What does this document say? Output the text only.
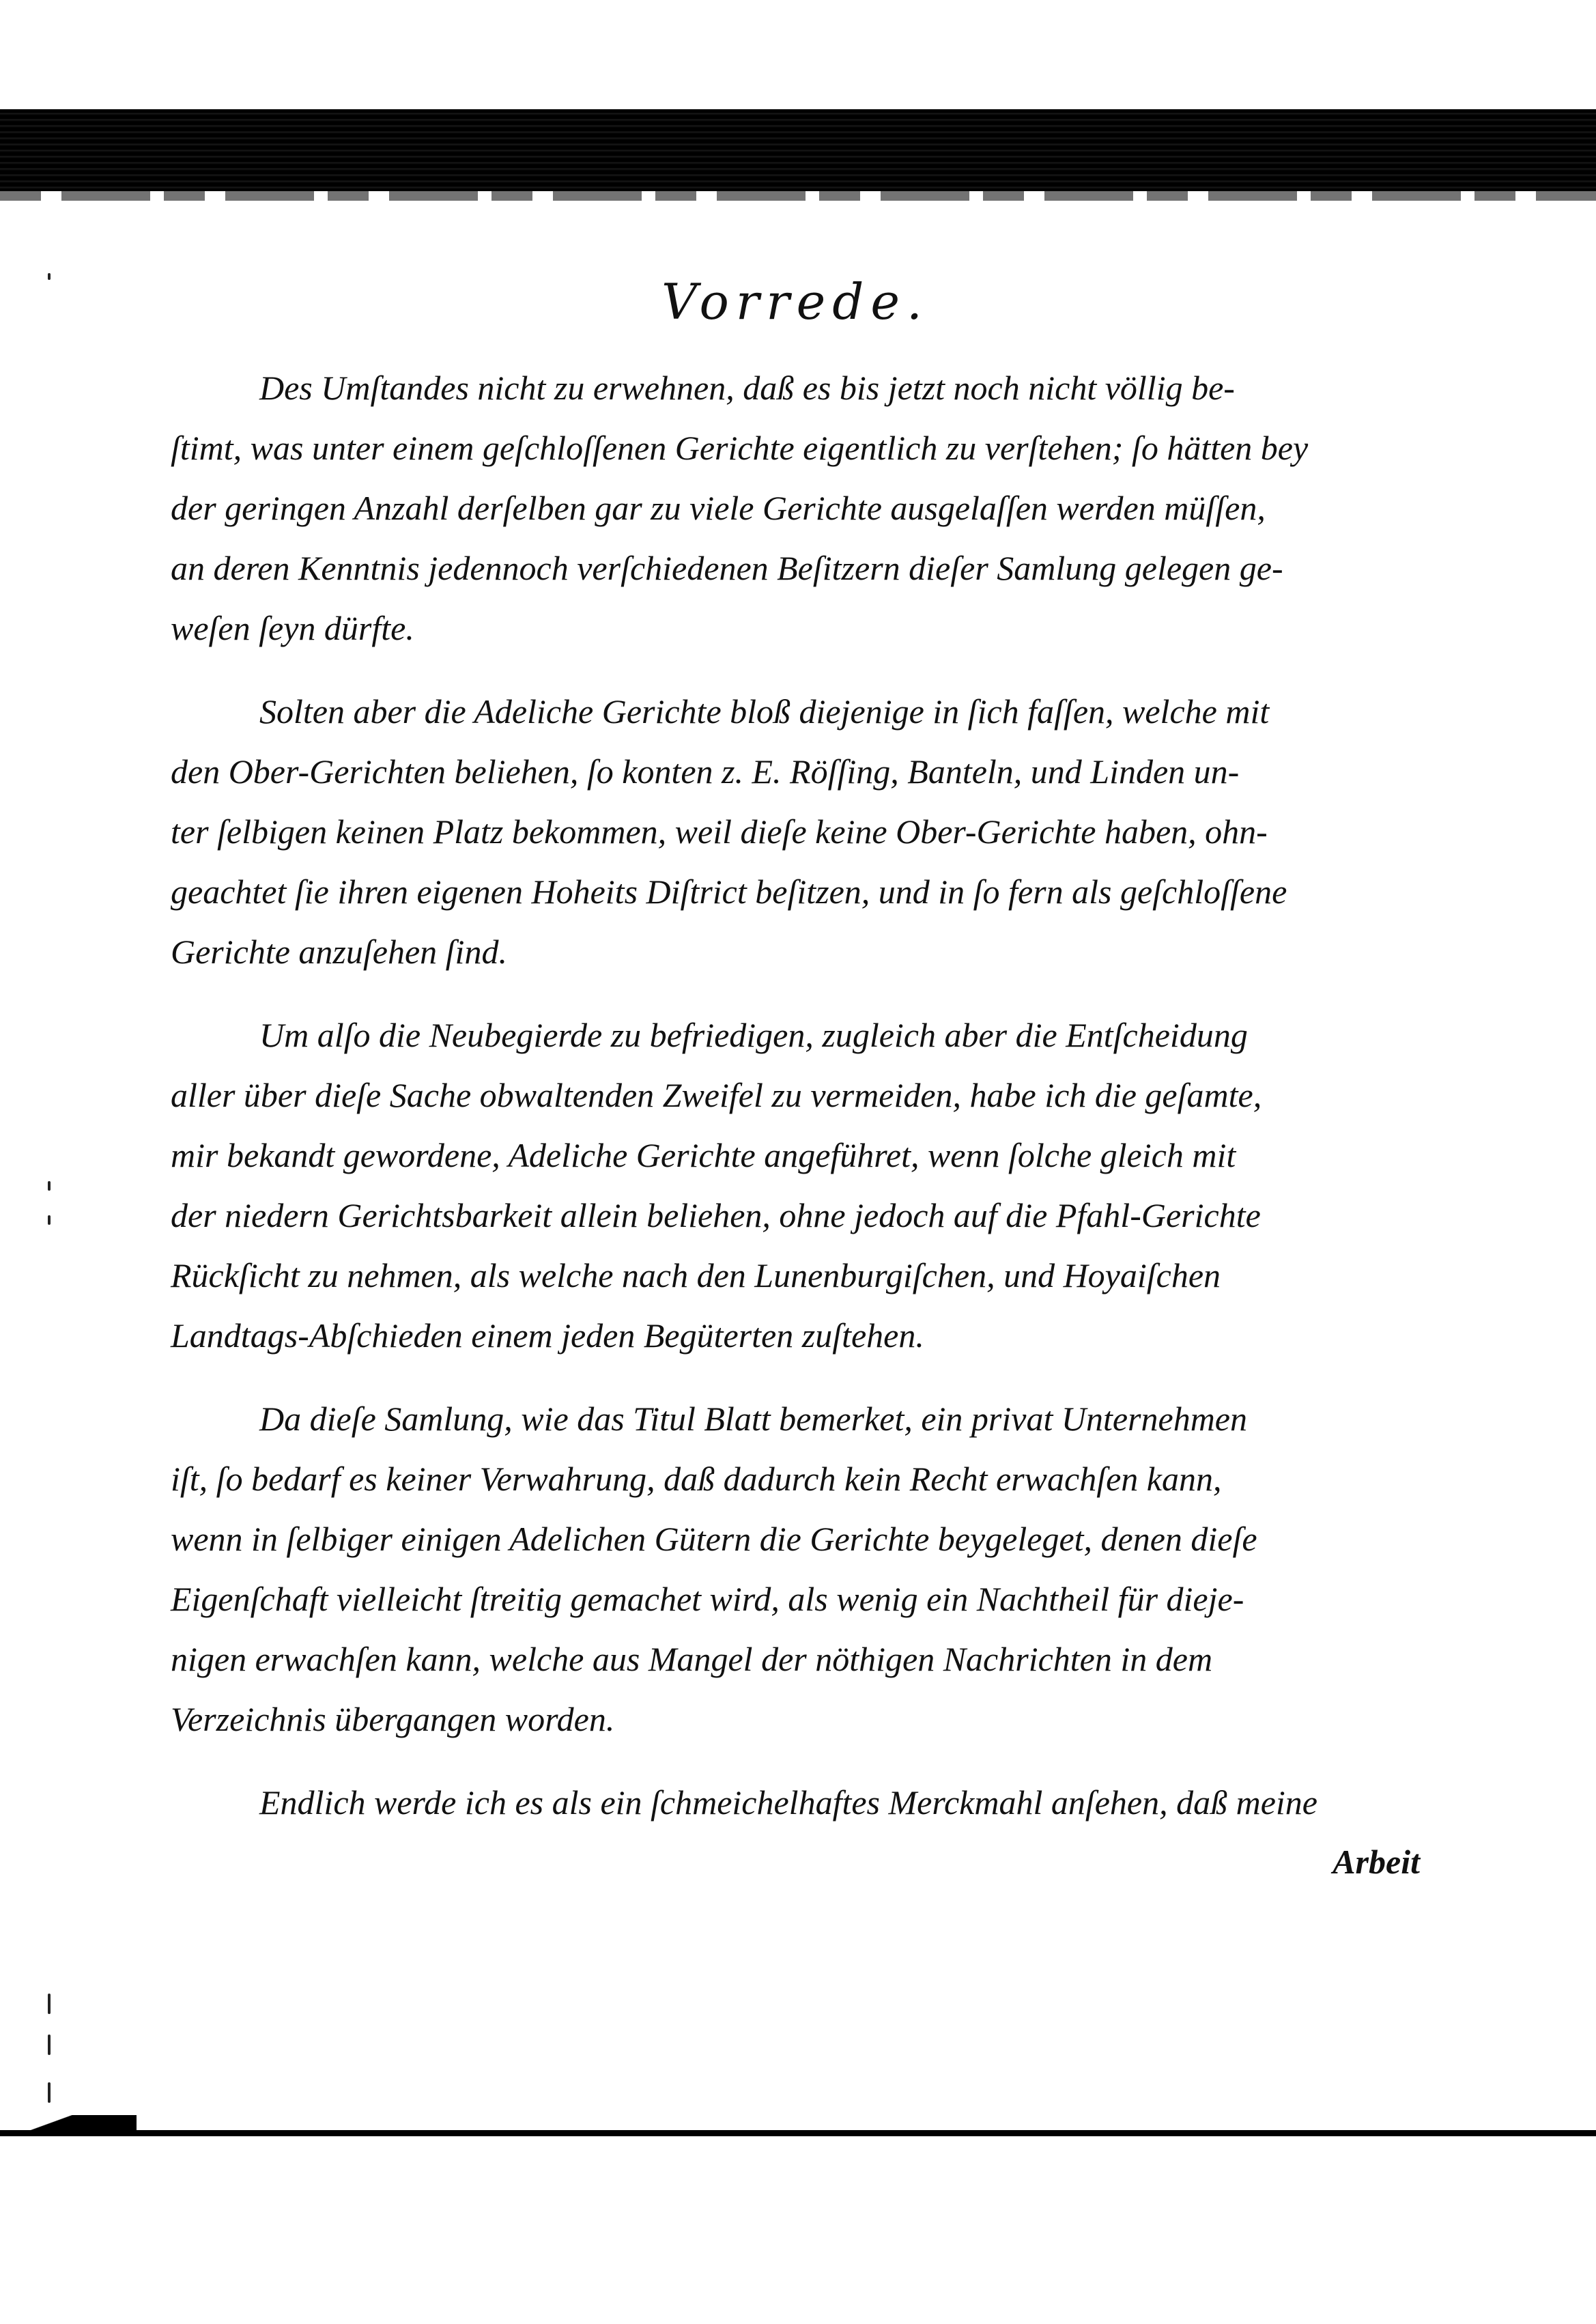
Vorrede.

Des Umſtandes nicht zu erwehnen, daß es bis jetzt noch nicht völlig be-
ſtimt, was unter einem geſchloſſenen Gerichte eigentlich zu verſtehen; ſo hätten bey
der geringen Anzahl derſelben gar zu viele Gerichte ausgelaſſen werden müſſen,
an deren Kenntnis jedennoch verſchiedenen Beſitzern dieſer Samlung gelegen ge-
weſen ſeyn dürfte.

Solten aber die Adeliche Gerichte bloß diejenige in ſich faſſen, welche mit
den Ober-Gerichten beliehen, ſo konten z. E. Röſſing, Banteln, und Linden un-
ter ſelbigen keinen Platz bekommen, weil dieſe keine Ober-Gerichte haben, ohn-
geachtet ſie ihren eigenen Hoheits Diſtrict beſitzen, und in ſo fern als geſchloſſene
Gerichte anzuſehen ſind.

Um alſo die Neubegierde zu befriedigen, zugleich aber die Entſcheidung
aller über dieſe Sache obwaltenden Zweifel zu vermeiden, habe ich die geſamte,
mir bekandt gewordene, Adeliche Gerichte angeführet, wenn ſolche gleich mit
der niedern Gerichtsbarkeit allein beliehen, ohne jedoch auf die Pfahl-Gerichte
Rückſicht zu nehmen, als welche nach den Lunenburgiſchen, und Hoyaiſchen
Landtags-Abſchieden einem jeden Begüterten zuſtehen.

Da dieſe Samlung, wie das Titul Blatt bemerket, ein privat Unternehmen
iſt, ſo bedarf es keiner Verwahrung, daß dadurch kein Recht erwachſen kann,
wenn in ſelbiger einigen Adelichen Gütern die Gerichte beygeleget, denen dieſe
Eigenſchaft vielleicht ſtreitig gemachet wird, als wenig ein Nachtheil für dieje-
nigen erwachſen kann, welche aus Mangel der nöthigen Nachrichten in dem
Verzeichnis übergangen worden.

Endlich werde ich es als ein ſchmeichelhaftes Merckmahl anſehen, daß meine

Arbeit
